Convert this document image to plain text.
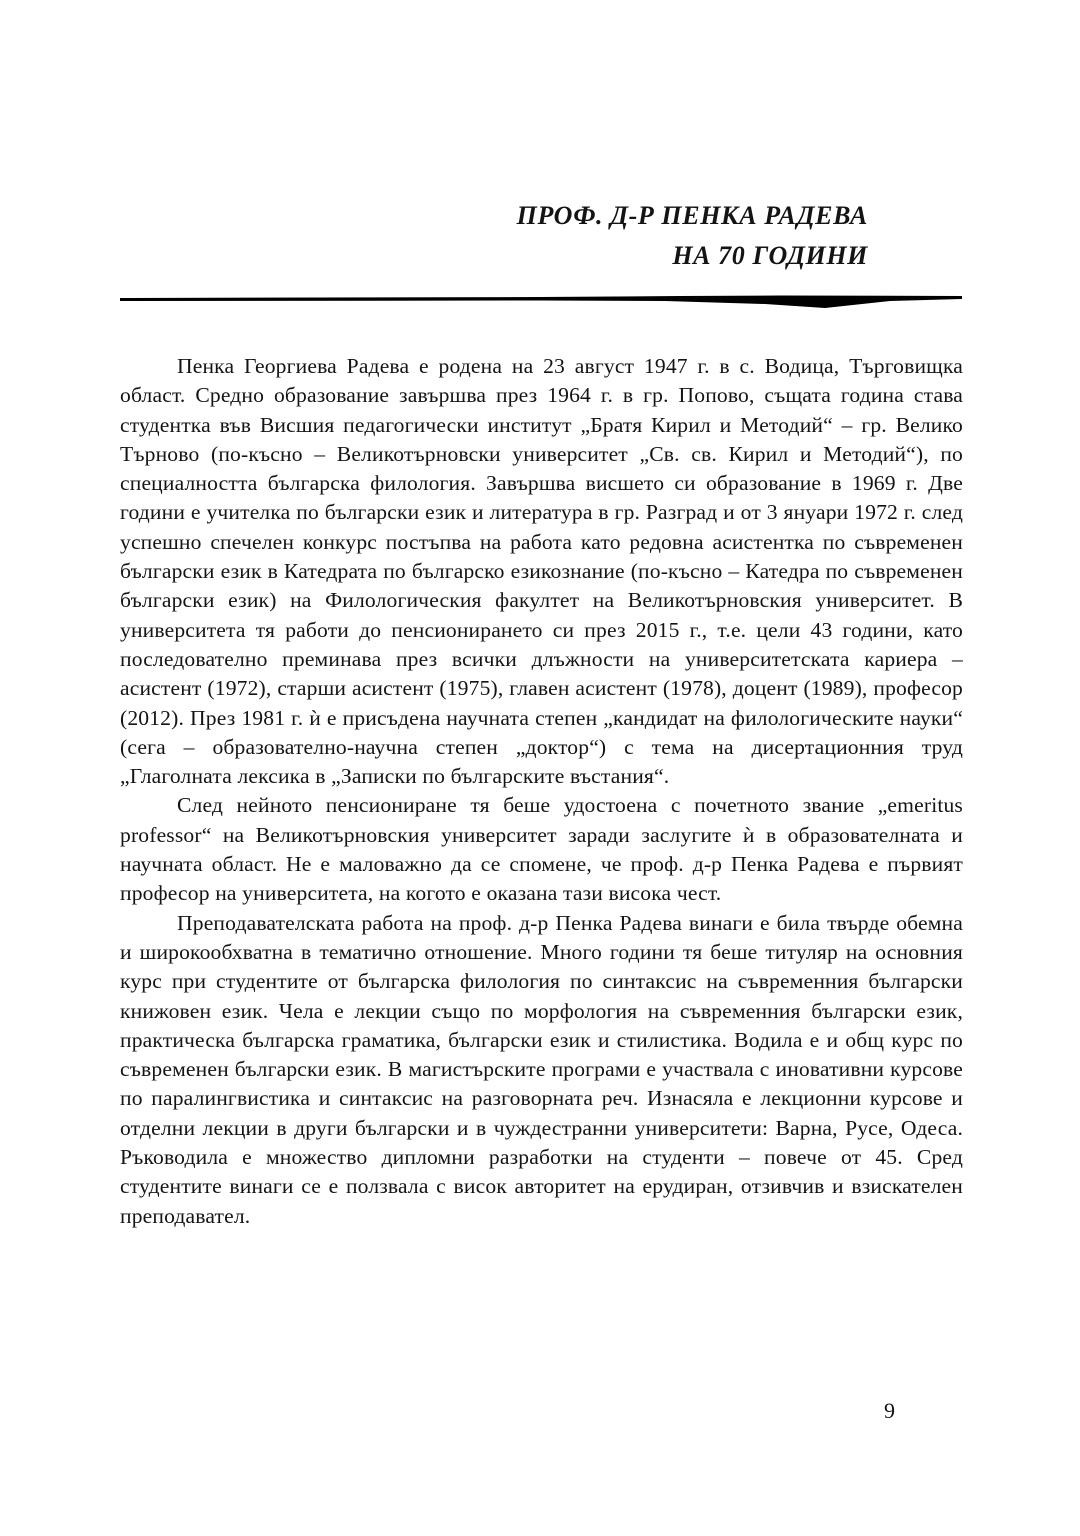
ПРОФ. Д-Р ПЕНКА РАДЕВА
НА 70 ГОДИНИ

Пенка Георгиева Радева е родена на 23 август 1947 г. в с. Водица, Търговищка област. Средно образование завършва през 1964 г. в гр. Попово, същата година става студентка във Висшия педагогически институт „Братя Кирил и Методий“ – гр. Велико Търново (по-късно – Великотърновски университет „Св. св. Кирил и Методий“), по специалността българска филология. Завършва висшето си образование в 1969 г. Две години е учителка по български език и литература в гр. Разград и от 3 януари 1972 г. след успешно спечелен конкурс постъпва на работа като редовна асистентка по съвременен български език в Катедрата по българско езикознание (по-късно – Катедра по съвременен български език) на Филологическия факултет на Великотърновския университет. В университета тя работи до пенсионирането си през 2015 г., т.е. цели 43 години, като последователно преминава през всички длъжности на университетската кариера – асистент (1972), старши асистент (1975), главен асистент (1978), доцент (1989), професор (2012). През 1981 г. ѝ е присъдена научната степен „кандидат на филологическите науки“ (сега – образователно-научна степен „доктор“) с тема на дисертационния труд „Глаголната лексика в „Записки по българските въстания“.

След нейното пенсиониране тя беше удостоена с почетното звание „emeritus professor“ на Великотърновския университет заради заслугите ѝ в образователната и научната област. Не е маловажно да се спомене, че проф. д-р Пенка Радева е първият професор на университета, на когото е оказана тази висока чест.

Преподавателската работа на проф. д-р Пенка Радева винаги е била твърде обемна и широкообхватна в тематично отношение. Много години тя беше титуляр на основния курс при студентите от българска филология по синтаксис на съвременния български книжовен език. Чела е лекции също по морфология на съвременния български език, практическа българска граматика, български език и стилистика. Водила е и общ курс по съвременен български език. В магистърските програми е участвала с иновативни курсове по паралингвистика и синтаксис на разговорната реч. Изнасяла е лекционни курсове и отделни лекции в други български и в чуждестранни университети: Варна, Русе, Одеса. Ръководила е множество дипломни разработки на студенти – повече от 45. Сред студентите винаги се е ползвала с висок авторитет на ерудиран, отзивчив и взискателен преподавател.

9
